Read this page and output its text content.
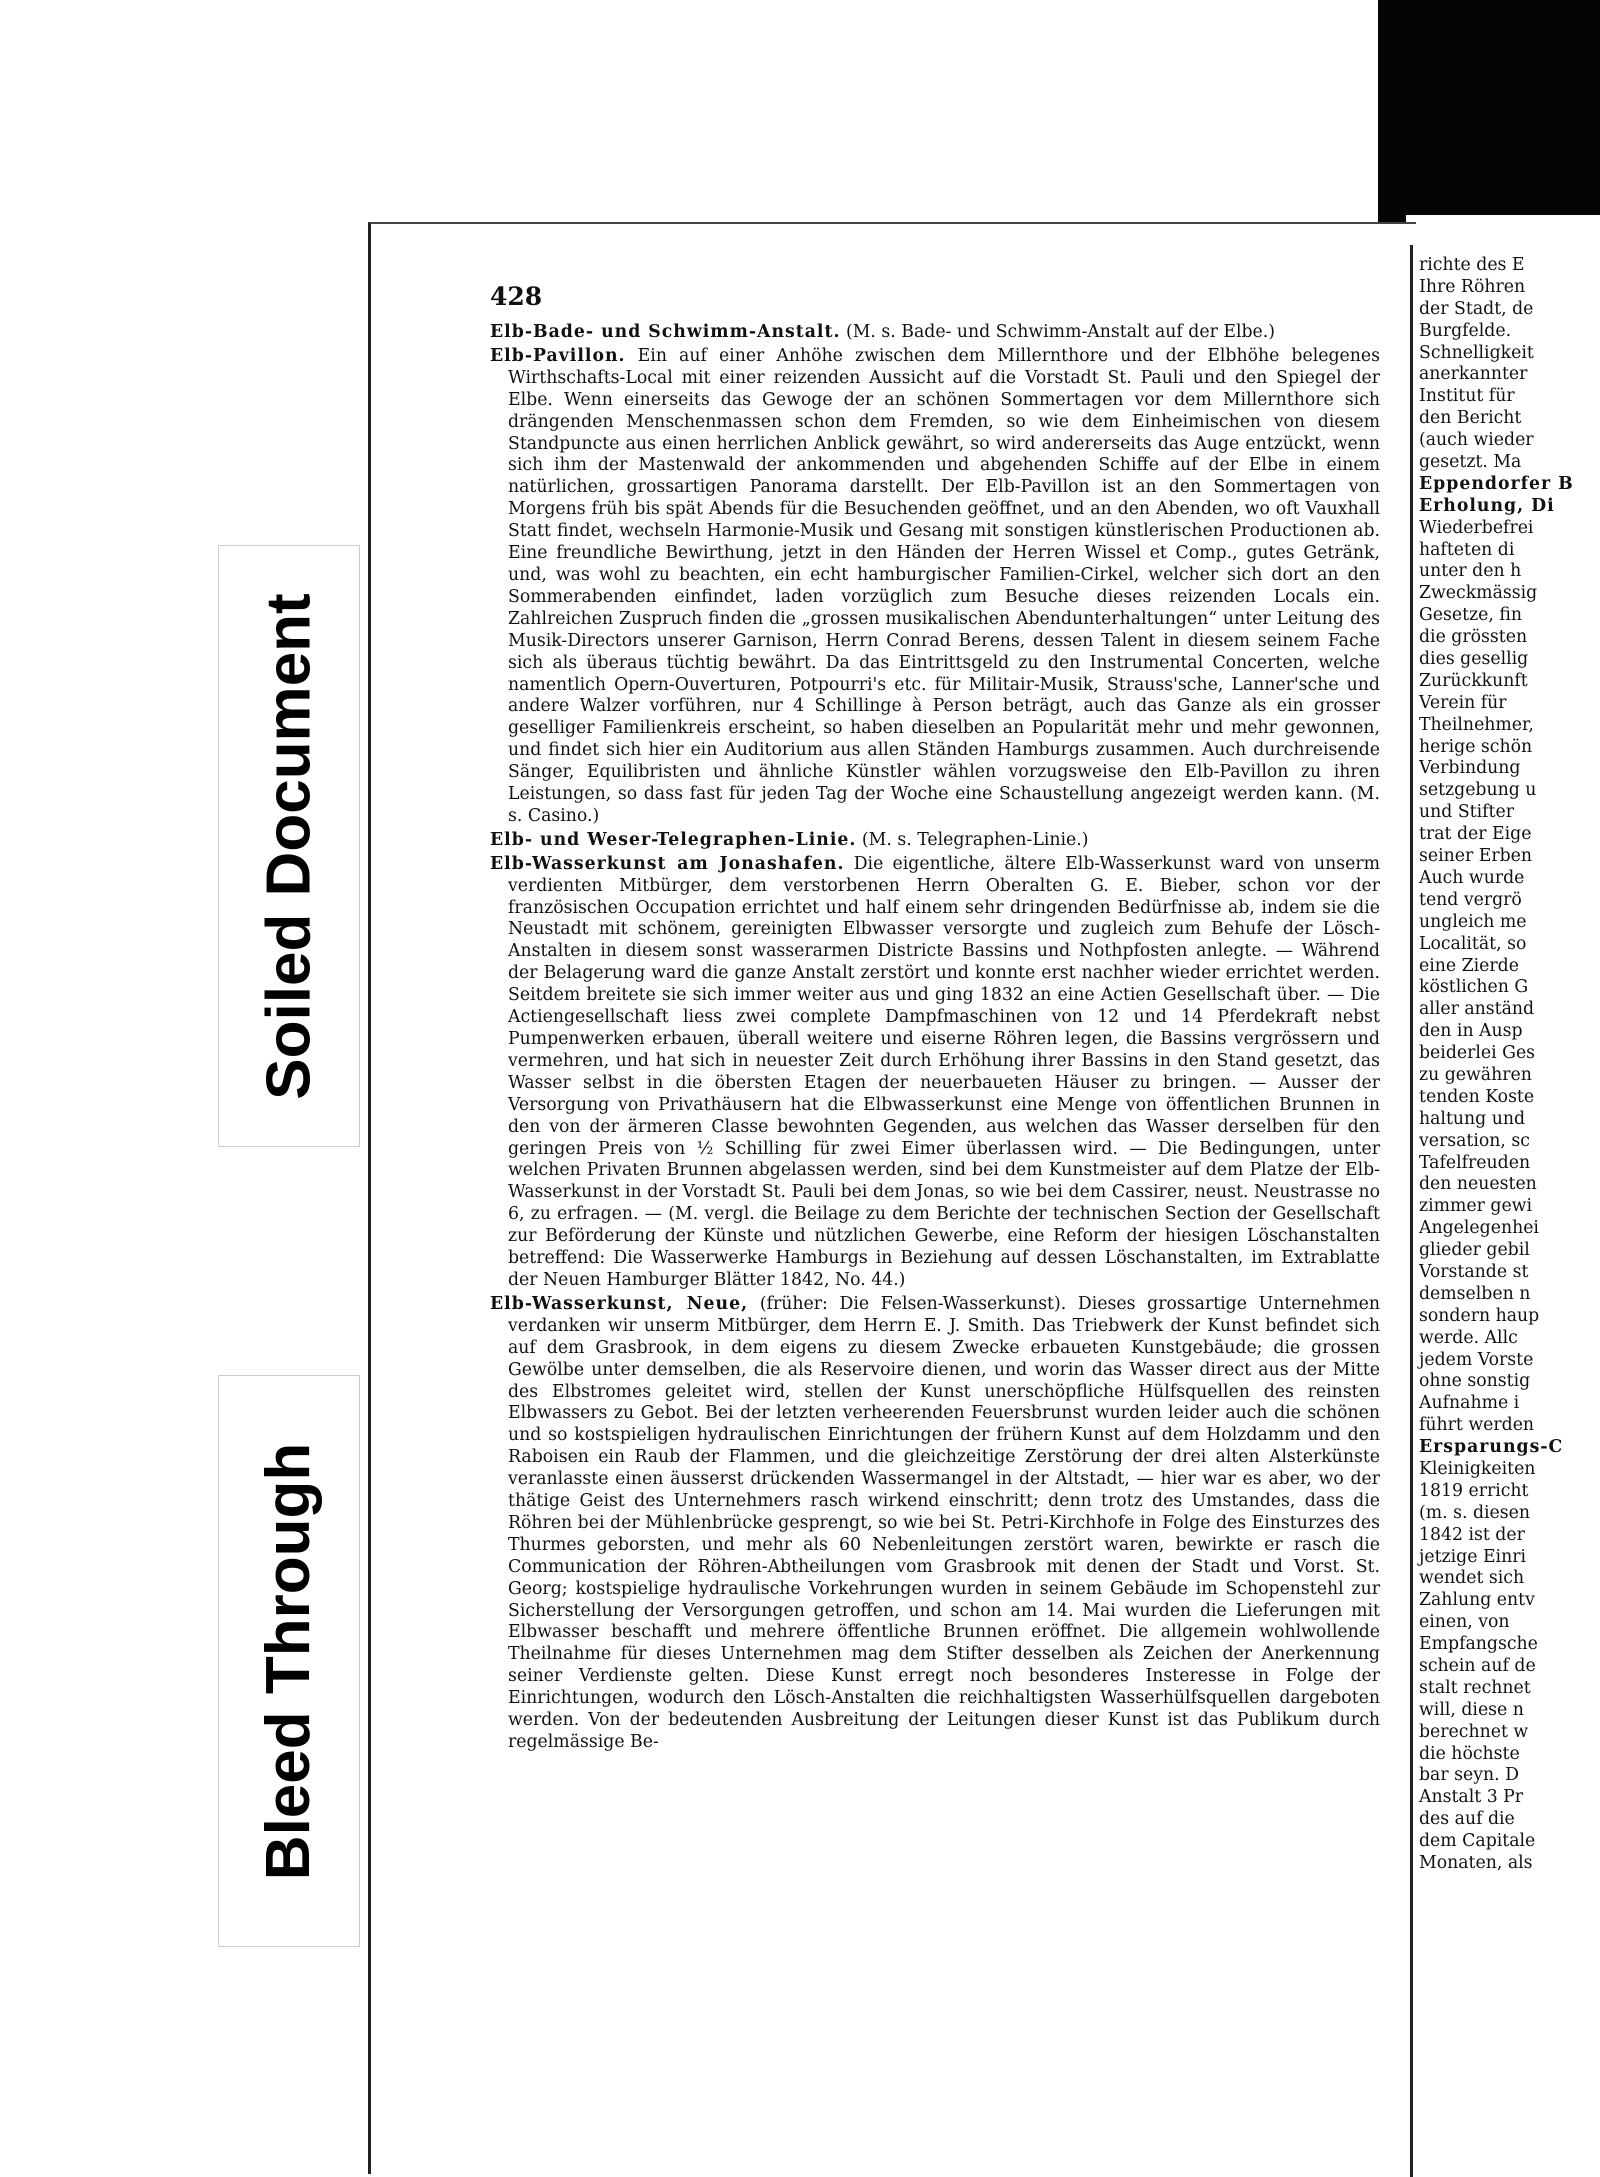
richte des E
Ihre Röhren
der Stadt, de
Burgfelde.
Schnelligkeit
anerkannter
Institut für
den Bericht
(auch wieder
gesetzt. Ma
Eppendorfer B
Erholung, Di
Wiederbefrei
hafteten di
unter den h
Zweckmässig
Gesetze, fin
die grössten
dies gesellig
Zurückkunft
Verein für
Theilnehmer,
herige schön
Verbindung
setzgebung u
und Stifter
trat der Eige
seiner Erben
Auch wurde
tend vergrö
ungleich me
Localität, so
eine Zierde
köstlichen G
aller anständ
den in Ausp
beiderlei Ges
zu gewähren
tenden Koste
haltung und
versation, sc
Tafelfreuden
den neuesten
zimmer gewi
Angelegenhei
glieder gebil
Vorstande st
demselben n
sondern haup
werde. Allc
jedem Vorste
ohne sonstig
Aufnahme i
führt werden
Ersparungs-C
Kleinigkeiten
1819 erricht
(m. s. diesen
1842 ist der
jetzige Einri
wendet sich
Zahlung entv
einen, von
Empfangsche
schein auf de
stalt rechnet
will, diese n
berechnet w
die höchste
bar seyn. D
Anstalt 3 Pr
des auf die
dem Capitale
Monaten, als
Soiled Document
Bleed Through
428

Elb-Bade- und Schwimm-Anstalt. (M. s. Bade- und Schwimm-Anstalt auf der Elbe.)

Elb-Pavillon. Ein auf einer Anhöhe zwischen dem Millernthore und der Elbhöhe belegenes Wirthschafts-Local mit einer reizenden Aussicht auf die Vorstadt St. Pauli und den Spiegel der Elbe. Wenn einerseits das Gewoge der an schönen Sommertagen vor dem Millernthore sich drängenden Menschenmassen schon dem Fremden, so wie dem Einheimischen von diesem Standpuncte aus einen herrlichen Anblick gewährt, so wird andererseits das Auge entzückt, wenn sich ihm der Mastenwald der ankommenden und abgehenden Schiffe auf der Elbe in einem natürlichen, grossartigen Panorama darstellt. Der Elb-Pavillon ist an den Sommertagen von Morgens früh bis spät Abends für die Besuchenden geöffnet, und an den Abenden, wo oft Vauxhall Statt findet, wechseln Harmonie-Musik und Gesang mit sonstigen künstlerischen Productionen ab. Eine freundliche Bewirthung, jetzt in den Händen der Herren Wissel et Comp., gutes Getränk, und, was wohl zu beachten, ein echt hamburgischer Familien-Cirkel, welcher sich dort an den Sommerabenden einfindet, laden vorzüglich zum Besuche dieses reizenden Locals ein. Zahlreichen Zuspruch finden die „grossen musikalischen Abendunterhaltungen“ unter Leitung des Musik-Directors unserer Garnison, Herrn Conrad Berens, dessen Talent in diesem seinem Fache sich als überaus tüchtig bewährt. Da das Eintrittsgeld zu den Instrumental Concerten, welche namentlich Opern-Ouverturen, Potpourri's etc. für Militair-Musik, Strauss'sche, Lanner'sche und andere Walzer vorführen, nur 4 Schillinge à Person beträgt, auch das Ganze als ein grosser geselliger Familienkreis erscheint, so haben dieselben an Popularität mehr und mehr gewonnen, und findet sich hier ein Auditorium aus allen Ständen Hamburgs zusammen. Auch durchreisende Sänger, Equilibristen und ähnliche Künstler wählen vorzugsweise den Elb-Pavillon zu ihren Leistungen, so dass fast für jeden Tag der Woche eine Schaustellung angezeigt werden kann. (M. s. Casino.)

Elb- und Weser-Telegraphen-Linie. (M. s. Telegraphen-Linie.)

Elb-Wasserkunst am Jonashafen. Die eigentliche, ältere Elb-Wasserkunst ward von unserm verdienten Mitbürger, dem verstorbenen Herrn Oberalten G. E. Bieber, schon vor der französischen Occupation errichtet und half einem sehr dringenden Bedürfnisse ab, indem sie die Neustadt mit schönem, gereinigten Elbwasser versorgte und zugleich zum Behufe der Lösch-Anstalten in diesem sonst wasserarmen Districte Bassins und Nothpfosten anlegte. — Während der Belagerung ward die ganze Anstalt zerstört und konnte erst nachher wieder errichtet werden. Seitdem breitete sie sich immer weiter aus und ging 1832 an eine Actien Gesellschaft über. — Die Actiengesellschaft liess zwei complete Dampfmaschinen von 12 und 14 Pferdekraft nebst Pumpenwerken erbauen, überall weitere und eiserne Röhren legen, die Bassins vergrössern und vermehren, und hat sich in neuester Zeit durch Erhöhung ihrer Bassins in den Stand gesetzt, das Wasser selbst in die öbersten Etagen der neuerbaueten Häuser zu bringen. — Ausser der Versorgung von Privathäusern hat die Elbwasserkunst eine Menge von öffentlichen Brunnen in den von der ärmeren Classe bewohnten Gegenden, aus welchen das Wasser derselben für den geringen Preis von ½ Schilling für zwei Eimer überlassen wird. — Die Bedingungen, unter welchen Privaten Brunnen abgelassen werden, sind bei dem Kunstmeister auf dem Platze der Elb-Wasserkunst in der Vorstadt St. Pauli bei dem Jonas, so wie bei dem Cassirer, neust. Neustrasse no 6, zu erfragen. — (M. vergl. die Beilage zu dem Berichte der technischen Section der Gesellschaft zur Beförderung der Künste und nützlichen Gewerbe, eine Reform der hiesigen Löschanstalten betreffend: Die Wasserwerke Hamburgs in Beziehung auf dessen Löschanstalten, im Extrablatte der Neuen Hamburger Blätter 1842, No. 44.)

Elb-Wasserkunst, Neue, (früher: Die Felsen-Wasserkunst). Dieses grossartige Unternehmen verdanken wir unserm Mitbürger, dem Herrn E. J. Smith. Das Triebwerk der Kunst befindet sich auf dem Grasbrook, in dem eigens zu diesem Zwecke erbaueten Kunstgebäude; die grossen Gewölbe unter demselben, die als Reservoire dienen, und worin das Wasser direct aus der Mitte des Elbstromes geleitet wird, stellen der Kunst unerschöpfliche Hülfsquellen des reinsten Elbwassers zu Gebot. Bei der letzten verheerenden Feuersbrunst wurden leider auch die schönen und so kostspieligen hydraulischen Einrichtungen der frühern Kunst auf dem Holzdamm und den Raboisen ein Raub der Flammen, und die gleichzeitige Zerstörung der drei alten Alsterkünste veranlasste einen äusserst drückenden Wassermangel in der Altstadt, — hier war es aber, wo der thätige Geist des Unternehmers rasch wirkend einschritt; denn trotz des Umstandes, dass die Röhren bei der Mühlenbrücke gesprengt, so wie bei St. Petri-Kirchhofe in Folge des Einsturzes des Thurmes geborsten, und mehr als 60 Nebenleitungen zerstört waren, bewirkte er rasch die Communication der Röhren-Abtheilungen vom Grasbrook mit denen der Stadt und Vorst. St. Georg; kostspielige hydraulische Vorkehrungen wurden in seinem Gebäude im Schopenstehl zur Sicherstellung der Versorgungen getroffen, und schon am 14. Mai wurden die Lieferungen mit Elbwasser beschafft und mehrere öffentliche Brunnen eröffnet. Die allgemein wohlwollende Theilnahme für dieses Unternehmen mag dem Stifter desselben als Zeichen der Anerkennung seiner Verdienste gelten. Diese Kunst erregt noch besonderes Insteresse in Folge der Einrichtungen, wodurch den Lösch-Anstalten die reichhaltigsten Wasserhülfsquellen dargeboten werden. Von der bedeutenden Ausbreitung der Leitungen dieser Kunst ist das Publikum durch regelmässige Be-
